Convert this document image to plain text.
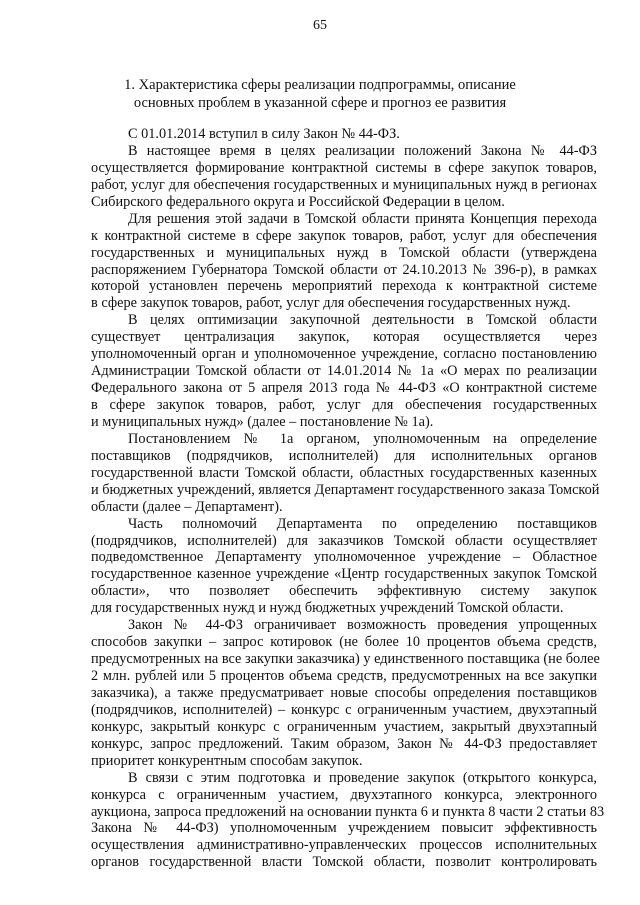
65
1. Характеристика сферы реализации подпрограммы, описание
основных проблем в указанной сфере и прогноз ее развития
С 01.01.2014 вступил в силу Закон № 44-ФЗ.
В настоящее время в целях реализации положений Закона № 44-ФЗ
осуществляется формирование контрактной системы в сфере закупок товаров,
работ, услуг для обеспечения государственных и муниципальных нужд в регионах
Сибирского федерального округа и Российской Федерации в целом.
Для решения этой задачи в Томской области принята Концепция перехода
к контрактной системе в сфере закупок товаров, работ, услуг для обеспечения
государственных и муниципальных нужд в Томской области (утверждена
распоряжением Губернатора Томской области от 24.10.2013 № 396-р), в рамках
которой установлен перечень мероприятий перехода к контрактной системе
в сфере закупок товаров, работ, услуг для обеспечения государственных нужд.
В целях оптимизации закупочной деятельности в Томской области
существует централизация закупок, которая осуществляется через
уполномоченный орган и уполномоченное учреждение, согласно постановлению
Администрации Томской области от 14.01.2014 № 1а «О мерах по реализации
Федерального закона от 5 апреля 2013 года № 44-ФЗ «О контрактной системе
в сфере закупок товаров, работ, услуг для обеспечения государственных
и муниципальных нужд» (далее – постановление № 1а).
Постановлением № 1а органом, уполномоченным на определение
поставщиков (подрядчиков, исполнителей) для исполнительных органов
государственной власти Томской области, областных государственных казенных
и бюджетных учреждений, является Департамент государственного заказа Томской
области (далее – Департамент).
Часть полномочий Департамента по определению поставщиков
(подрядчиков, исполнителей) для заказчиков Томской области осуществляет
подведомственное Департаменту уполномоченное учреждение – Областное
государственное казенное учреждение «Центр государственных закупок Томской
области», что позволяет обеспечить эффективную систему закупок
для государственных нужд и нужд бюджетных учреждений Томской области.
Закон № 44-ФЗ ограничивает возможность проведения упрощенных
способов закупки – запрос котировок (не более 10 процентов объема средств,
предусмотренных на все закупки заказчика) у единственного поставщика (не более
2 млн. рублей или 5 процентов объема средств, предусмотренных на все закупки
заказчика), а также предусматривает новые способы определения поставщиков
(подрядчиков, исполнителей) – конкурс с ограниченным участием, двухэтапный
конкурс, закрытый конкурс с ограниченным участием, закрытый двухэтапный
конкурс, запрос предложений. Таким образом, Закон № 44-ФЗ предоставляет
приоритет конкурентным способам закупок.
В связи с этим подготовка и проведение закупок (открытого конкурса,
конкурса с ограниченным участием, двухэтапного конкурса, электронного
аукциона, запроса предложений на основании пункта 6 и пункта 8 части 2 статьи 83
Закона № 44-ФЗ) уполномоченным учреждением повысит эффективность
осуществления административно-управленческих процессов исполнительных
органов государственной власти Томской области, позволит контролировать
